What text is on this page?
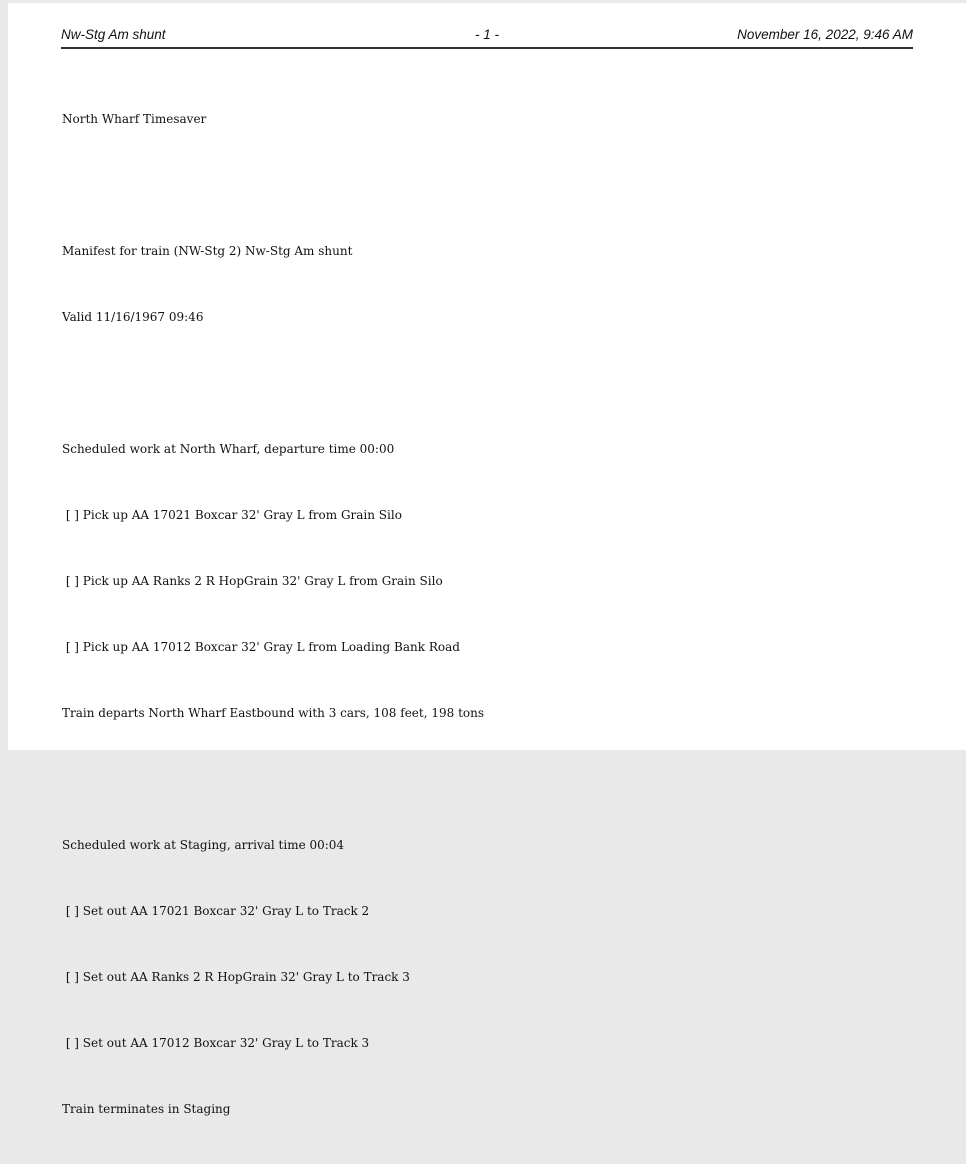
Nw-Stg Am shunt	- 1 -	November 16, 2022, 9:46 AM

North Wharf Timesaver

Manifest for train (NW-Stg 2) Nw-Stg Am shunt

Valid 11/16/1967 09:46

Scheduled work at North Wharf, departure time 00:00

[ ] Pick up AA 17021 Boxcar 32' Gray L from Grain Silo

[ ] Pick up AA Ranks 2 R HopGrain 32' Gray L from Grain Silo

[ ] Pick up AA 17012 Boxcar 32' Gray L from Loading Bank Road

Train departs North Wharf Eastbound with 3 cars, 108 feet, 198 tons

Scheduled work at Staging, arrival time 00:04

[ ] Set out AA 17021 Boxcar 32' Gray L to Track 2

[ ] Set out AA Ranks 2 R HopGrain 32' Gray L to Track 3

[ ] Set out AA 17012 Boxcar 32' Gray L to Track 3

Train terminates in Staging
